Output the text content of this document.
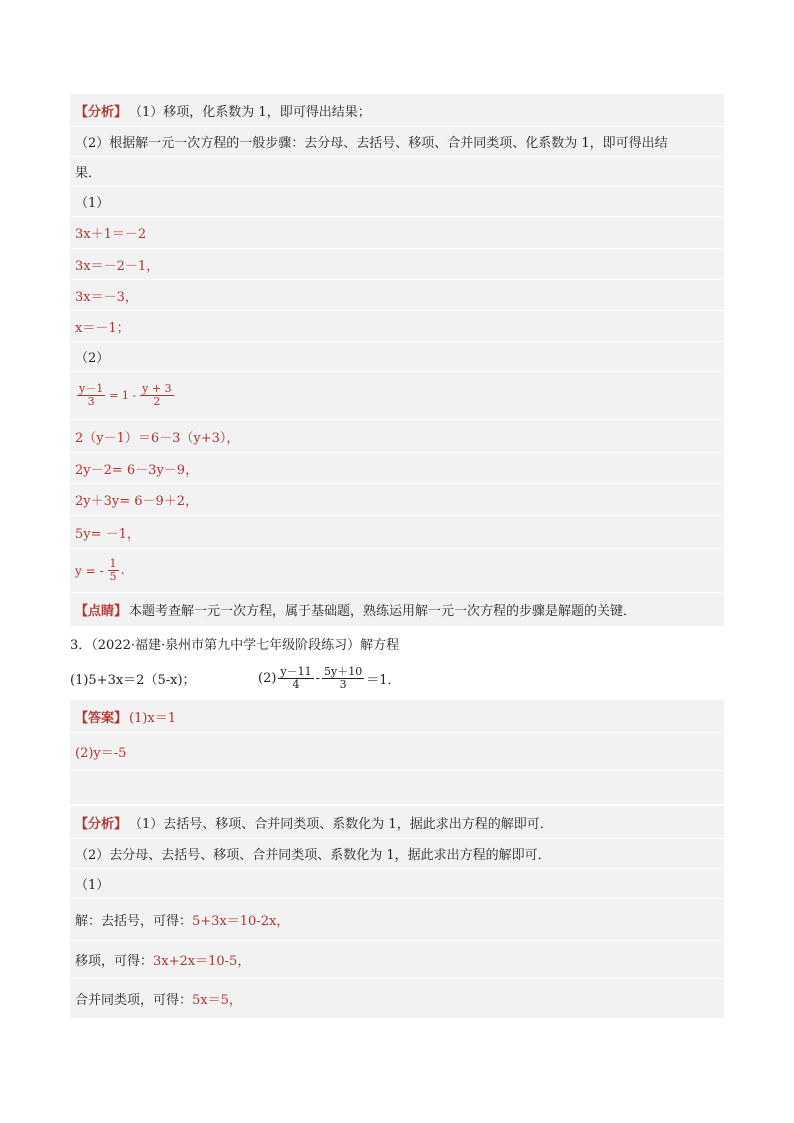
【分析】 （1）移项，化系数为 1，即可得出结果；
（2）根据解一元一次方程的一般步骤：去分母、去括号、移项、合并同类项、化系数为 1，即可得出结
果．
（1）
3x＋1＝－2
3x＝－2－1，
3x＝－3，
x＝－1；
（2）
$\frac{y-1}{3} = 1 - \frac{y + 3}{2}$
2（y－1）＝6－3（y+3），
2y－2= 6－3y－9，
2y＋3y= 6－9＋2，
5y= －1，
y = - $\frac{1}{5}$ .
【点睛】 本题考查解一元一次方程，属于基础题，熟练运用解一元一次方程的步骤是解题的关键．
3．（2022·福建·泉州市第九中学七年级阶段练习）解方程
(1)5+3x＝2（5-x)；	$(2) \frac{y-11}{4} - \frac{5y+10}{3} =1$．
【答案】 (1)x＝1
(2)y＝-5
【分析】 （1）去括号、移项、合并同类项、系数化为 1，据此求出方程的解即可．
（2）去分母、去括号、移项、合并同类项、系数化为 1，据此求出方程的解即可．
（1）
解：去括号，可得： 5+3x＝10-2x，
移项，可得： 3x+2x＝10-5，
合并同类项，可得： 5x＝5，
